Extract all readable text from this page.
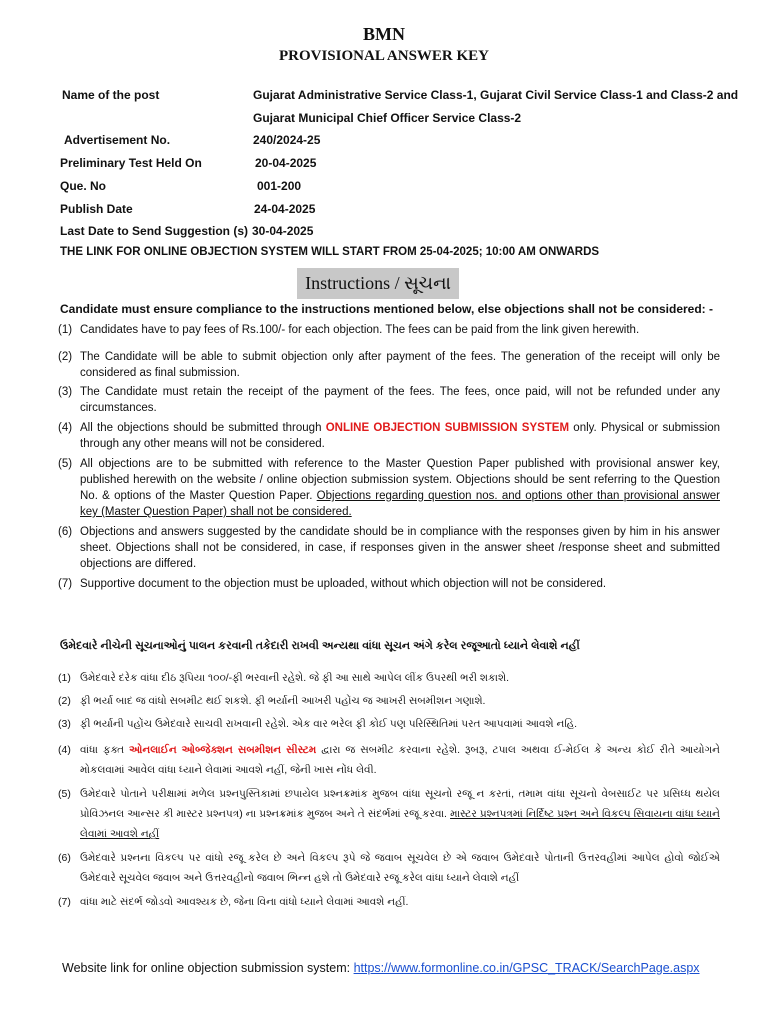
BMN
PROVISIONAL ANSWER KEY
Name of the post	Gujarat Administrative Service Class-1, Gujarat Civil Service Class-1 and Class-2 and
Gujarat Municipal Chief Officer Service Class-2
Advertisement No.	240/2024-25
Preliminary Test Held On	20-04-2025
Que. No	001-200
Publish Date	24-04-2025
Last Date to Send Suggestion (s) 30-04-2025
THE LINK FOR ONLINE OBJECTION SYSTEM WILL START FROM 25-04-2025; 10:00 AM ONWARDS
Instructions / સૂચના
Candidate must ensure compliance to the instructions mentioned below, else objections shall not be considered: -
(1) Candidates have to pay fees of Rs.100/- for each objection. The fees can be paid from the link given herewith.
(2) The Candidate will be able to submit objection only after payment of the fees. The generation of the receipt will only be considered as final submission.
(3) The Candidate must retain the receipt of the payment of the fees. The fees, once paid, will not be refunded under any circumstances.
(4) All the objections should be submitted through ONLINE OBJECTION SUBMISSION SYSTEM only. Physical or submission through any other means will not be considered.
(5) All objections are to be submitted with reference to the Master Question Paper published with provisional answer key, published herewith on the website / online objection submission system. Objections should be sent referring to the Question No. & options of the Master Question Paper. Objections regarding question nos. and options other than provisional answer key (Master Question Paper) shall not be considered.
(6) Objections and answers suggested by the candidate should be in compliance with the responses given by him in his answer sheet. Objections shall not be considered, in case, if responses given in the answer sheet /response sheet and submitted objections are differed.
(7) Supportive document to the objection must be uploaded, without which objection will not be considered.
ઉમેદવારે નીચેની સૂચનાઓનું પાલન કરવાની તકેદારી રાખવી અન્યથા વાંધા સૂચન અંગે કરેલ રજૂઆતો ધ્યાને લેવાશે નહીં
(1) ઉમેદવારે દરેક વાંધા દીઠ રૂપિયા ૧૦૦/-ફી ભરવાની રહેશે. જે ફી આ સાથે આપેલ લીંક ઉપરથી ભરી શકાશે.
(2) ફી ભર્યા બાદ જ વાંધો સબમીટ થઈ શકશે. ફી ભર્યાની આખરી પહોંચ જ આખરી સબમીશન ગણાશે.
(3) ફી ભર્યાની પહોંચ ઉમેદવારે સાચવી રાખવાની રહેશે. એક વાર ભરેલ ફી કોઈ પણ પરિસ્થિતિમાં પરત આપવામાં આવશે નહિ.
(4) વાંધા ફક્ત ઓનલાઈન ઓબ્જેક્શન સબમીશન સીસ્ટમ દ્વારા જ સબમીટ કરવાના રહેશે. રૂબરૂ, ટપાલ અથવા ઈ-મેઈલ કે અન્ય કોઈ રીતે આયોગને મોકલવામાં આવેલ વાંધા ધ્યાને લેવામાં આવશે નહીં, જેની ખાસ નોંધ લેવી.
(5) ઉમેદવારે પોતાને પરીક્ષામાં મળેલ પ્રશ્નપુસ્તિકામાં છપાયેલ પ્રશ્નક્રમાંક મુજબ વાંધા સૂચનો રજૂ ન કરતાં, તમામ વાંધા સૂચનો વેબસાઈટ પર પ્રસિધ્ધ થયેલ પ્રોવિઝનલ આન્સર કી માસ્ટર પ્રશ્નપત્ર) ના પ્રશ્નક્રમાંક મુજબ અને તે સંદર્ભમાં રજૂ કરવા. માસ્ટર પ્રશ્નપત્રમાં નિર્દિષ્ટ પ્રશ્ન અને વિકલ્પ સિવાયના વાંધા ધ્યાને લેવામાં આવશે નહીં
(6) ઉમેદવારે પ્રશ્નના વિકલ્પ પર વાંધો રજૂ કરેલ છે અને વિકલ્પ રૂપે જે જવાબ સૂચવેલ છે એ જવાબ ઉમેદવારે પોતાની ઉત્તરવહીમાં આપેલ હોવો જોઈએ ઉમેદવારે સૂચવેલ જવાબ અને ઉત્તરવહીનો જવાબ ભિન્ન હશે તો ઉમેદવારે રજૂ કરેલ વાંધા ધ્યાને લેવાશે નહીં
(7) વાંધા માટે સંદર્ભ જોડવો આવશ્યક છે, જેના વિના વાંધો ધ્યાને લેવામાં આવશે નહીં.
Website link for online objection submission system: https://www.formonline.co.in/GPSC_TRACK/SearchPage.aspx
